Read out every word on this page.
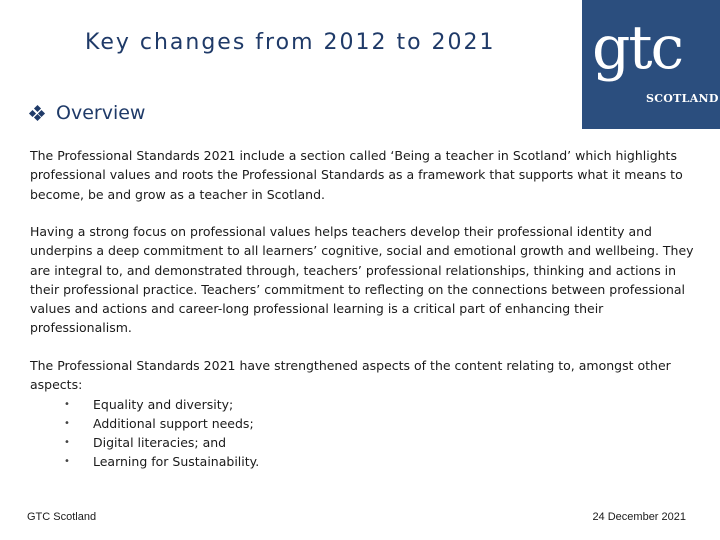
Key changes from 2012 to 2021 gtc
SCOTLAND
Overview

The Professional Standards 2021 include a section called ‘Being a teacher in Scotland’ which highlights professional values and roots the Professional Standards as a framework that supports what it means to become, be and grow as a teacher in Scotland.

Having a strong focus on professional values helps teachers develop their professional identity and underpins a deep commitment to all learners’ cognitive, social and emotional growth and wellbeing. They are integral to, and demonstrated through, teachers’ professional relationships, thinking and actions in their professional practice. Teachers’ commitment to reflecting on the connections between professional values and actions and career-long professional learning is a critical part of enhancing their professionalism.

The Professional Standards 2021 have strengthened aspects of the content relating to, amongst other aspects:
• Equality and diversity;
• Additional support needs;
• Digital literacies; and
• Learning for Sustainability.
GTC Scotland	24 December 2021
